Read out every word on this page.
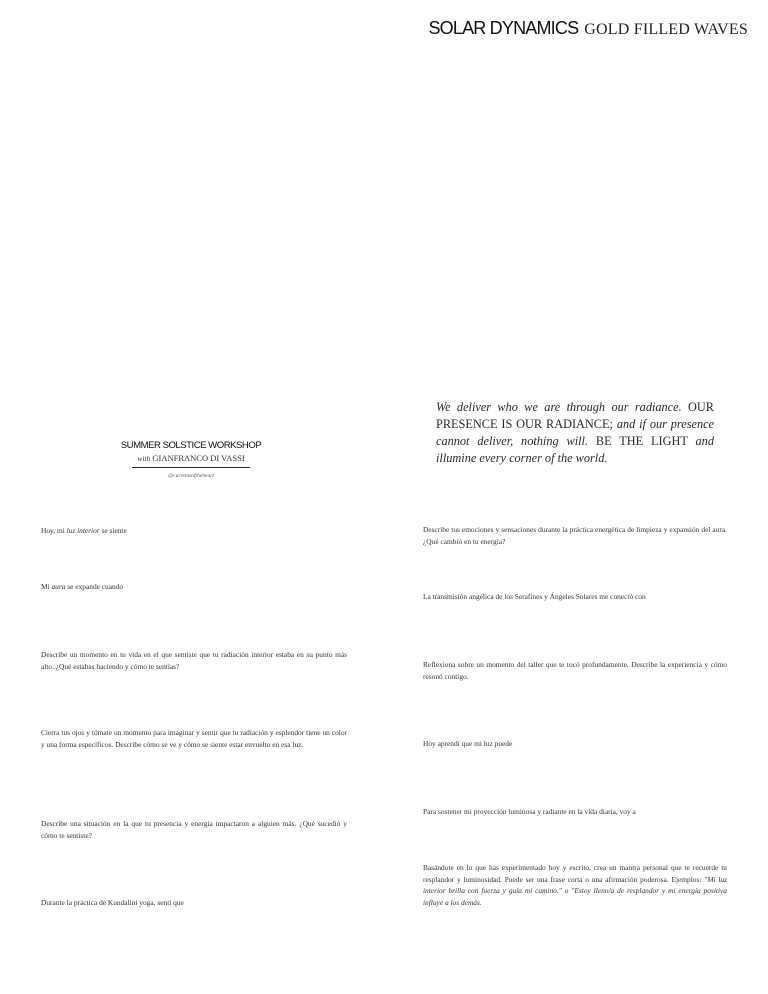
SOLAR DYNAMICS GOLD FILLED WAVES
SUMMER SOLSTICE WORKSHOP
with GIANFRANCO DI VASSI
@currentsoftheheart
We deliver who we are through our radiance. OUR PRESENCE IS OUR RADIANCE; and if our presence cannot deliver, nothing will. BE THE LIGHT and illumine every corner of the world.
Hoy, mi luz interior se siente
Mi aura se expande cuando
Describe un momento en tu vida en el que sentiste que tu radiación interior estaba en su punto más alto. ¿Qué estabas haciendo y cómo te sentías?
Cierra tus ojos y tómate un momento para imaginar y sentir que tu radiación y esplendor tiene un color y una forma específicos. Describe cómo se ve y cómo se siente estar envuelto en esa luz.
Describe una situación en la que tu presencia y energía impactaron a alguien más. ¿Qué sucedió y cómo te sentiste?
Durante la práctica de Kundalini yoga, sentí que
Describe tus emociones y sensaciones durante la práctica energética de limpieza y expansión del aura. ¿Qué cambió en tu energía?
La transmisión angélica de los Serafines y Ángeles Solares me conectó con
Reflexiona sobre un momento del taller que te tocó profundamente. Describe la experiencia y cómo resonó contigo.
Hoy aprendí que mi luz puede
Para sostener mi proyección luminosa y radiante en la vida diaria, voy a
Basándote en lo que has experimentado hoy y escrito, crea un mantra personal que te recuerde tu resplandor y luminosidad. Puede ser una frase corta o una afirmación poderosa. Ejemplos: "Mi luz interior brilla con fuerza y guía mi camino." o "Estoy lleno/a de resplandor y mi energía positiva influye a los demás.
